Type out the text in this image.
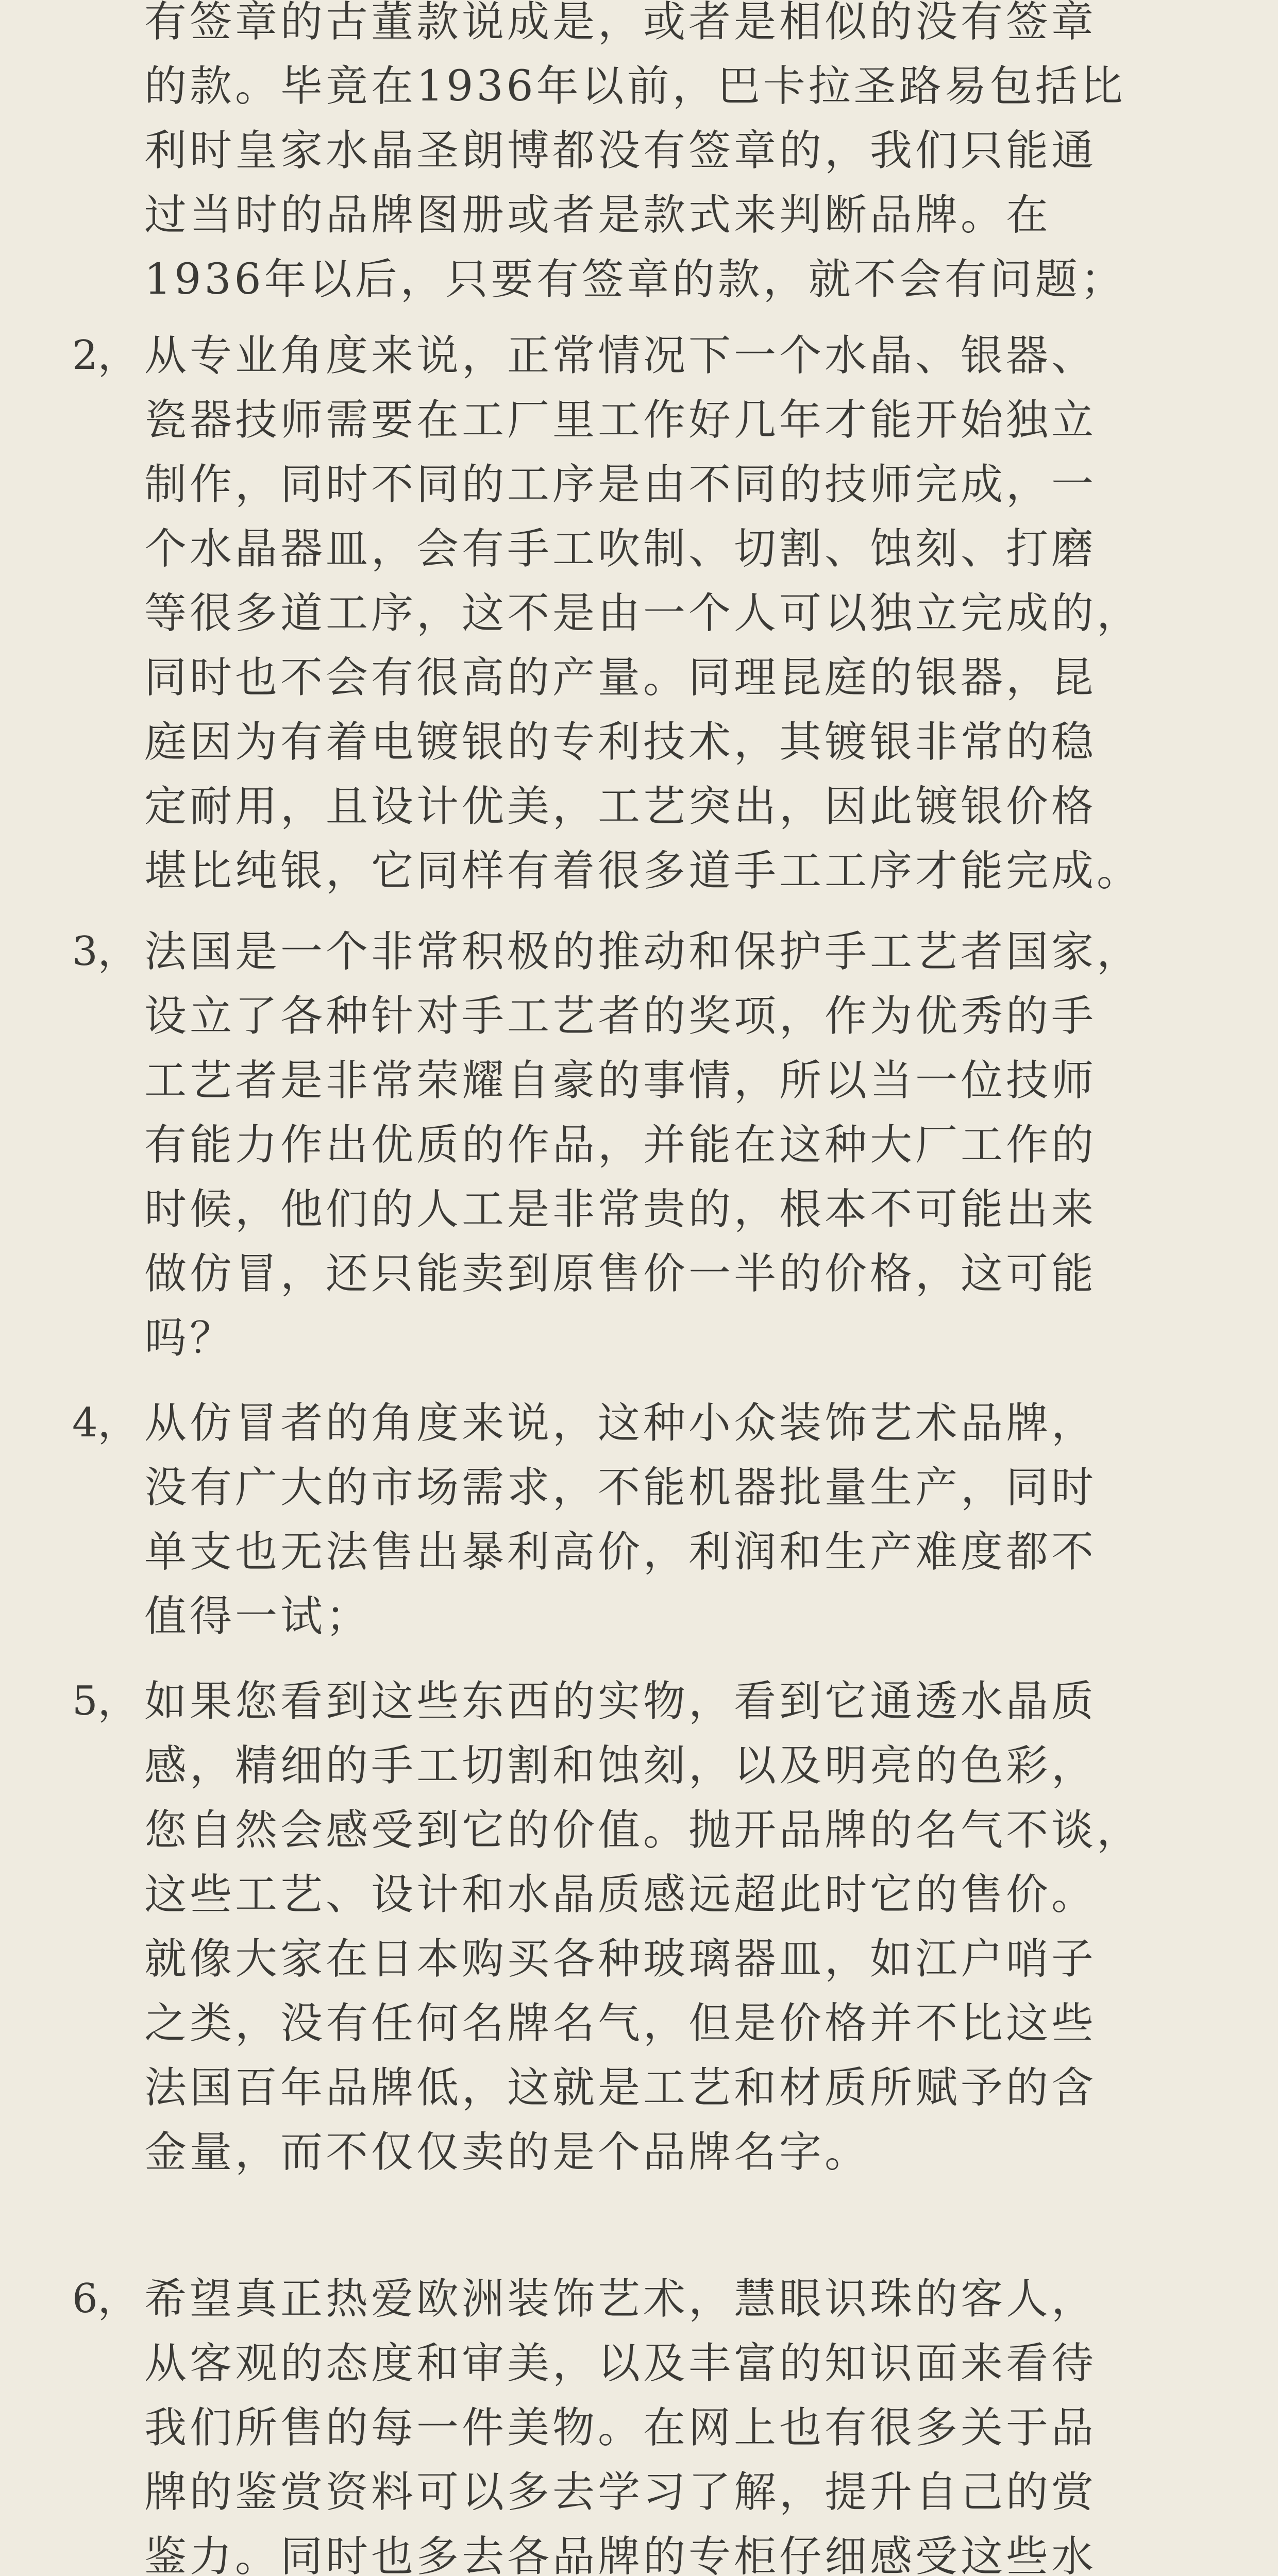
有签章的古董款说成是，或者是相似的没有签章
的款。毕竟在1936年以前，巴卡拉圣路易包括比
利时皇家水晶圣朗博都没有签章的，我们只能通
过当时的品牌图册或者是款式来判断品牌。在
1936年以后，只要有签章的款，就不会有问题；
2， 从专业角度来说，正常情况下一个水晶、银器、
瓷器技师需要在工厂里工作好几年才能开始独立
制作，同时不同的工序是由不同的技师完成，一
个水晶器皿，会有手工吹制、切割、蚀刻、打磨
等很多道工序，这不是由一个人可以独立完成的，
同时也不会有很高的产量。同理昆庭的银器，昆
庭因为有着电镀银的专利技术，其镀银非常的稳
定耐用，且设计优美，工艺突出，因此镀银价格
堪比纯银，它同样有着很多道手工工序才能完成。
3， 法国是一个非常积极的推动和保护手工艺者国家，
设立了各种针对手工艺者的奖项，作为优秀的手
工艺者是非常荣耀自豪的事情，所以当一位技师
有能力作出优质的作品，并能在这种大厂工作的
时候，他们的人工是非常贵的，根本不可能出来
做仿冒，还只能卖到原售价一半的价格，这可能
吗？
4， 从仿冒者的角度来说，这种小众装饰艺术品牌，
没有广大的市场需求，不能机器批量生产，同时
单支也无法售出暴利高价，利润和生产难度都不
值得一试；
5， 如果您看到这些东西的实物，看到它通透水晶质
感，精细的手工切割和蚀刻，以及明亮的色彩，
您自然会感受到它的价值。抛开品牌的名气不谈，
这些工艺、设计和水晶质感远超此时它的售价。
就像大家在日本购买各种玻璃器皿，如江户哨子
之类，没有任何名牌名气，但是价格并不比这些
法国百年品牌低，这就是工艺和材质所赋予的含
金量，而不仅仅卖的是个品牌名字。
6， 希望真正热爱欧洲装饰艺术，慧眼识珠的客人，
从客观的态度和审美，以及丰富的知识面来看待
我们所售的每一件美物。在网上也有很多关于品
牌的鉴赏资料可以多去学习了解，提升自己的赏
鉴力。同时也多去各品牌的专柜仔细感受这些水
